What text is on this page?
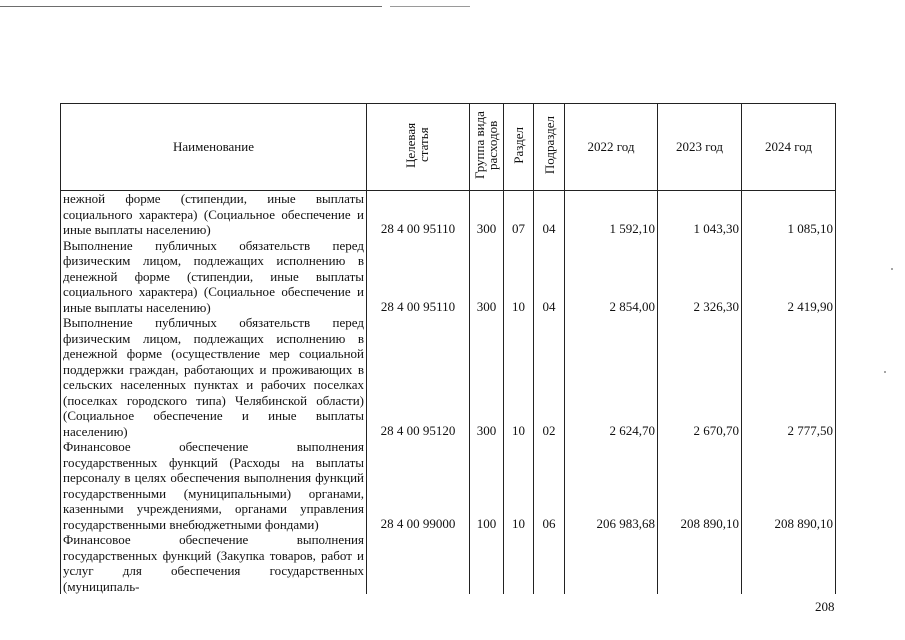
Наименование	Целевая статья	Группа вида расходов	Раздел	Подраздел	2022 год	2023 год	2024 год
нежной форме (стипендии, иные выплаты социального характера) (Социальное обеспечение и иные выплаты населению)	28 4 00 95110	300	07	04	1 592,10	1 043,30	1 085,10
Выполнение публичных обязательств перед физическим лицом, подлежащих исполнению в денежной форме (стипендии, иные выплаты социального характера) (Социальное обеспечение и иные выплаты населению)	28 4 00 95110	300	10	04	2 854,00	2 326,30	2 419,90
Выполнение публичных обязательств перед физическим лицом, подлежащих исполнению в денежной форме (осуществление мер социальной поддержки граждан, работающих и проживающих в сельских населенных пунктах и рабочих поселках (поселках городского типа) Челябинской области) (Социальное обеспечение и иные выплаты населению)	28 4 00 95120	300	10	02	2 624,70	2 670,70	2 777,50
Финансовое обеспечение выполнения государственных функций (Расходы на выплаты персоналу в целях обеспечения выполнения функций государственными (муниципальными) органами, казенными учреждениями, органами управления государственными внебюджетными фондами)	28 4 00 99000	100	10	06	206 983,68	208 890,10	208 890,10
Финансовое обеспечение выполнения государственных функций (Закупка товаров, работ и услуг для обеспечения государственных (муниципаль-							
208
